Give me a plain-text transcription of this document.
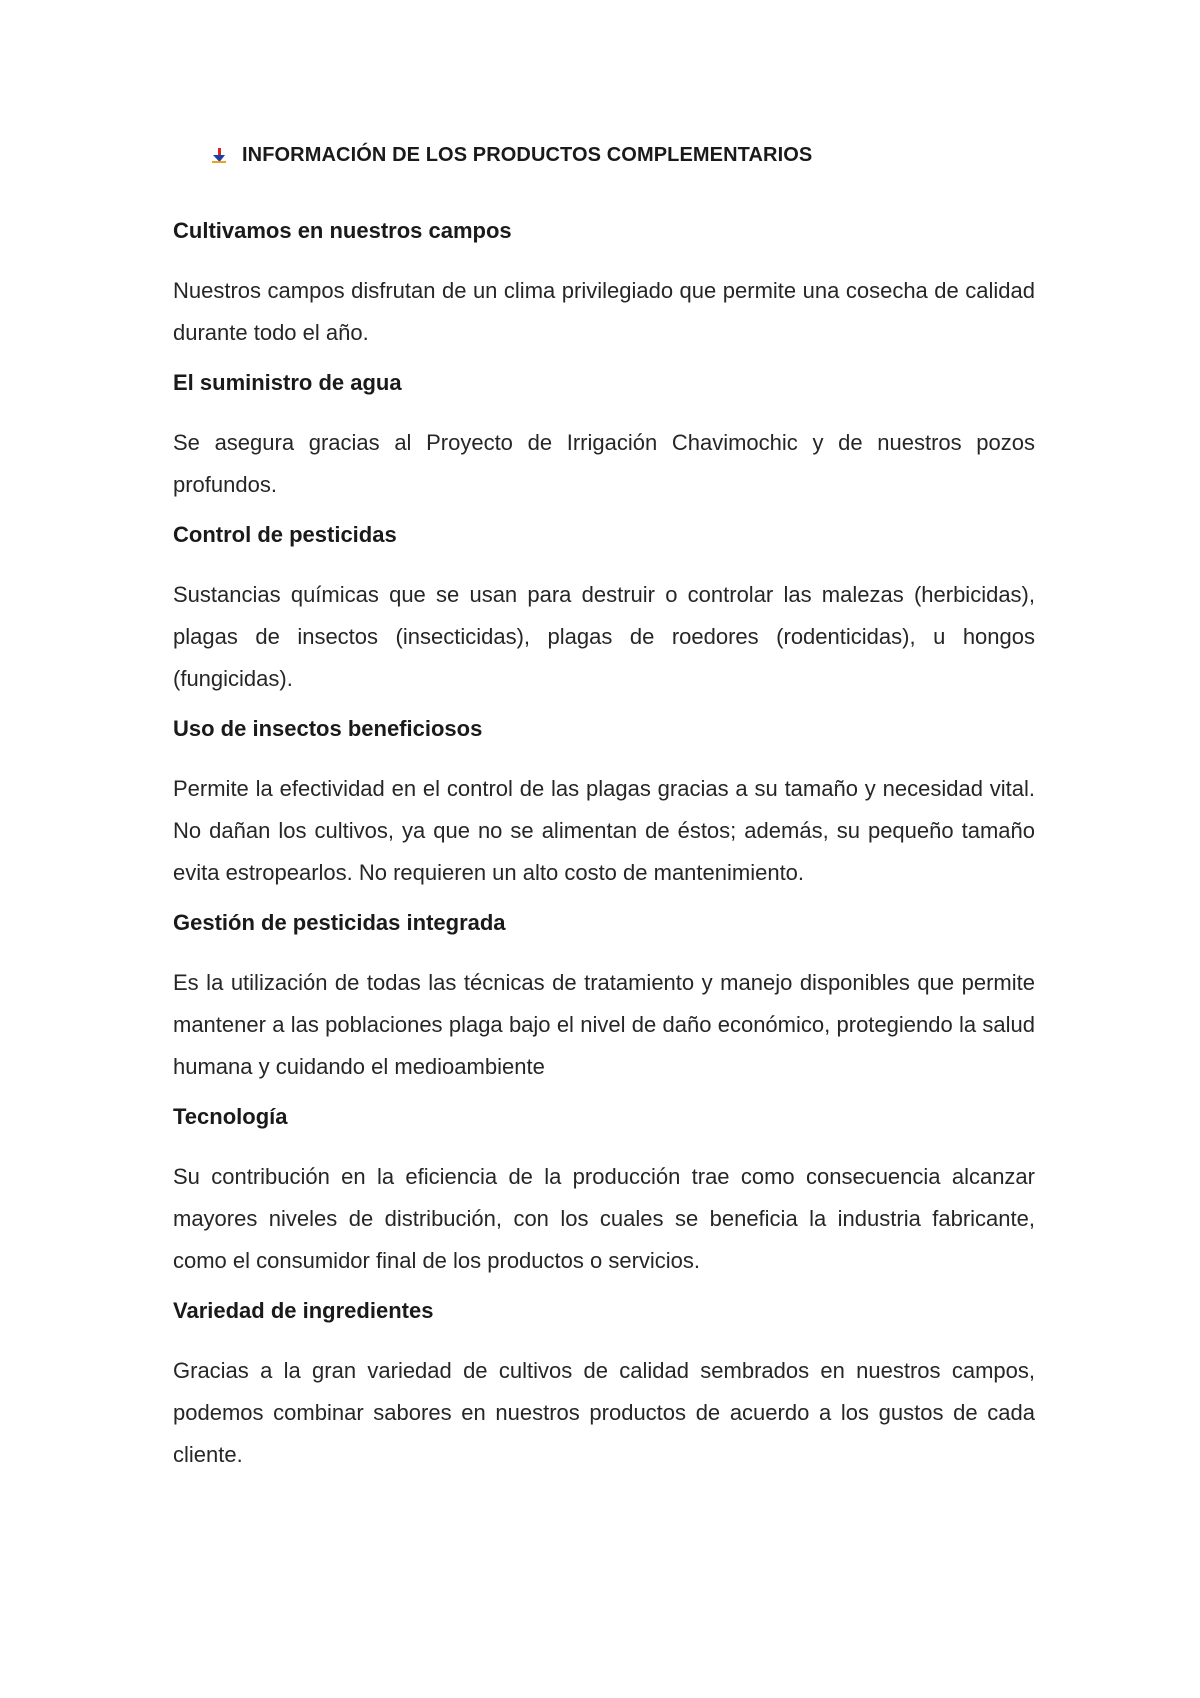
INFORMACIÓN DE LOS PRODUCTOS COMPLEMENTARIOS
Cultivamos en nuestros campos

Nuestros campos disfrutan de un clima privilegiado que permite una cosecha de calidad durante todo el año.

El suministro de agua

Se asegura gracias al Proyecto de Irrigación Chavimochic y de nuestros pozos profundos.

Control de pesticidas

Sustancias químicas que se usan para destruir o controlar las malezas (herbicidas), plagas de insectos (insecticidas), plagas de roedores (rodenticidas), u hongos (fungicidas).

Uso de insectos beneficiosos

Permite la efectividad en el control de las plagas gracias a su tamaño y necesidad vital. No dañan los cultivos, ya que no se alimentan de éstos; además, su pequeño tamaño evita estropearlos. No requieren un alto costo de mantenimiento.

Gestión de pesticidas integrada

Es la utilización de todas las técnicas de tratamiento y manejo disponibles que permite mantener a las poblaciones plaga bajo el nivel de daño económico, protegiendo la salud humana y cuidando el medioambiente

Tecnología

Su contribución en la eficiencia de la producción trae como consecuencia alcanzar mayores niveles de distribución, con los cuales se beneficia la industria fabricante, como el consumidor final de los productos o servicios.

Variedad de ingredientes

Gracias a la gran variedad de cultivos de calidad sembrados en nuestros campos, podemos combinar sabores en nuestros productos de acuerdo a los gustos de cada cliente.
